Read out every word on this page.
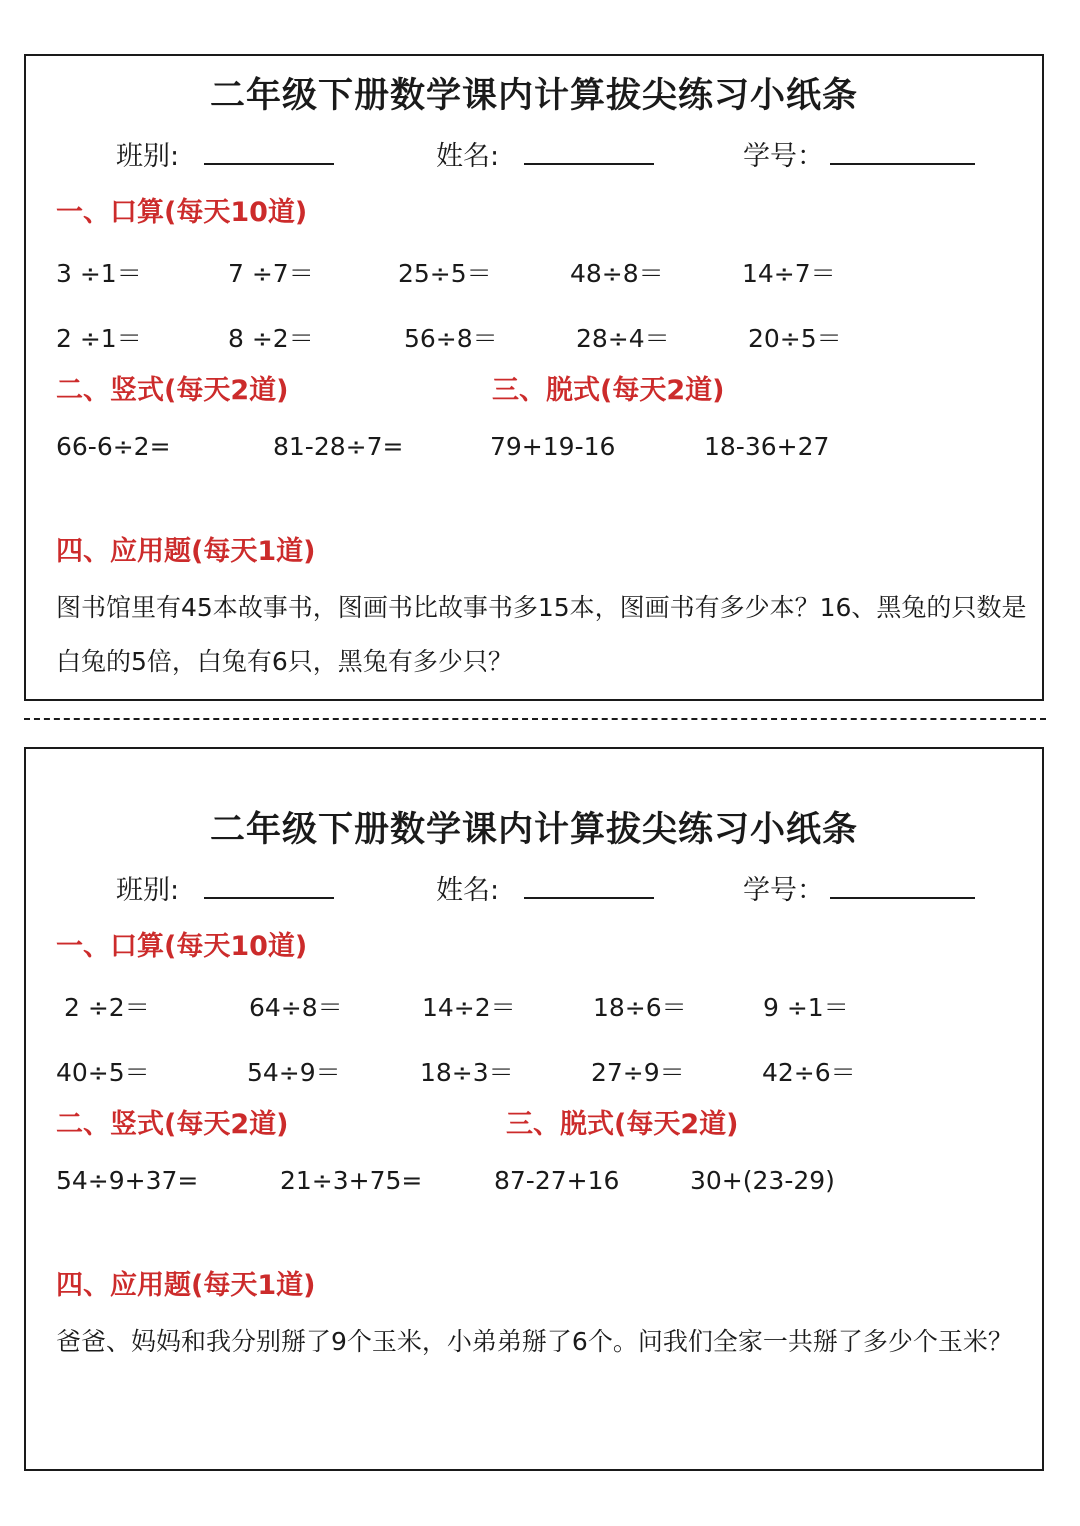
二年级下册数学课内计算拔尖练习小纸条
班别:	姓名:	学号：
一、口算(每天10道)
3 ÷1＝	7 ÷7＝	25÷5＝	48÷8＝	14÷7＝
2 ÷1＝	8 ÷2＝	56÷8＝	28÷4＝	20÷5＝
二、竖式(每天2道)	三、脱式(每天2道)
66-6÷2=	81-28÷7=	79+19-16	18-36+27
四、应用题(每天1道)
图书馆里有45本故事书，图画书比故事书多15本，图画书有多少本？16、黑兔的只数是白兔的5倍，白兔有6只，黑兔有多少只？
二年级下册数学课内计算拔尖练习小纸条
班别:	姓名:	学号：
一、口算(每天10道)
2 ÷2＝	64÷8＝	14÷2＝	18÷6＝	9 ÷1＝
40÷5＝	54÷9＝	18÷3＝	27÷9＝	42÷6＝
二、竖式(每天2道)	三、脱式(每天2道)
54÷9+37=	21÷3+75=	87-27+16	30+(23-29)
四、应用题(每天1道)
爸爸、妈妈和我分别掰了9个玉米，小弟弟掰了6个。问我们全家一共掰了多少个玉米？
